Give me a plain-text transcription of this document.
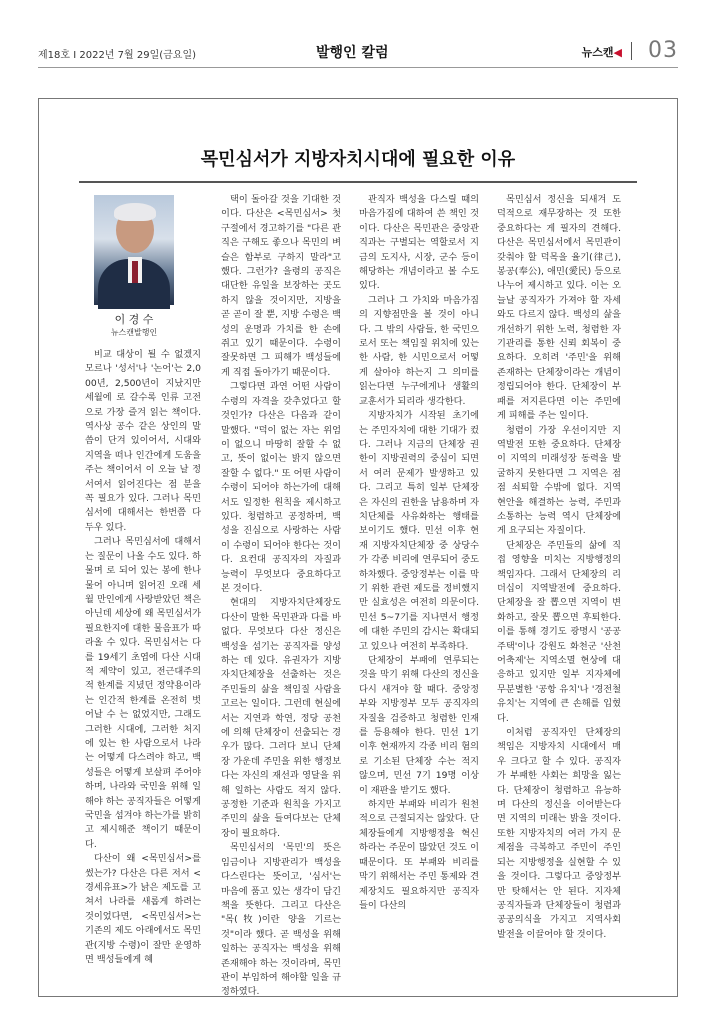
제18호 I 2022년 7월 29일(금요일)	발행인 칼럼	뉴스캔◀ 03
목민심서가 지방자치시대에 필요한 이유
이 경 수
뉴스캔발행인

비교 대상이 될 수 없겠지 모르나 '성서'나 '논어'는 2,000년, 2,500년이 지났지만 세월에 로 갈수록 인류 고전으로 가장 즐겨 읽는 책이다. 역사상 공수 같은 상인의 말씀이 단겨 있이어서, 시대와 지역을 떠나 인간에게 도움을 주는 책이어서 이 오늘 날 정서여서 읽어진다는 점 분을 꼭 필요가 있다. 그러나 목민심서에 대해서는 한번쯤 다 두우 있다.

그러나 목민심서에 대해서는 질문이 나올 수도 있다. 하물며 로 되어 있는 봉에 한나 물어 아니며 읽어진 오래 세월 만인에게 사랑받았던 책은 아닌데 세상에 왜 목민심서가 필요한지에 대한 물음표가 따라올 수 있다. 목민심서는 다를 19세기 초엽에 다산 시대적 제약이 있고, 전근대주의적 한계를 지녔던 정약용이라는 인간적 한계를 온전히 벗어날 수 는 없었지만, 그래도 그러한 시대에, 그러한 처지에 있는 한 사람으로서 나라는 어떻게 다스려야 하고, 백성들은 어떻게 보살펴 주어야 하며, 나라와 국민을 위해 일해야 하는 공직자들은 어떻게 국민을 섬겨야 하는가를 밝히고 제시해준 책이기 때문이다.

다산이 왜 <목민심서>를 썼는가? 다산은 다른 저서 <경세유표>가 낡은 제도를 고쳐서 나라를 새롭게 하려는 것이었다면, <목민심서>는 기존의 제도 아래에서도 목민관(지방 수령)이 잘만 운영하면 백성들에게 혜

택이 돌아갈 것을 기대한 것이다. 다산은 <목민심서> 첫 구절에서 경고하기를 "다른 관직은 구해도 좋으나 목민의 벼슬은 함부로 구하지 말라"고 했다. 그런가? 을령의 공직은 대단한 유일을 보장하는 곳도 하지 않을 것이지만, 지방을 곧 곧이 잘 뿐, 지방 수령은 백성의 운명과 가치를 한 손에 쥐고 있기 때문이다. 수령이 잘못하면 그 피해가 백성들에게 직접 돌아가기 때문이다.

그렇다면 과연 어떤 사람이 수령의 자격을 갖추었다고 할 것인가? 다산은 다음과 같이 말했다. "덕이 없는 자는 위엄이 없으니 마땅히 잘할 수 없고, 뜻이 없이는 밝지 않으면 잘할 수 없다." 또 어떤 사람이 수령이 되어야 하는가에 대해서도 일정한 원칙을 제시하고 있다. 청렴하고 공정하며, 백성을 진심으로 사랑하는 사람이 수령이 되어야 한다는 것이다. 요컨대 공직자의 자질과 능력이 무엇보다 중요하다고 본 것이다.

현대의 지방자치단체장도 다산이 말한 목민관과 다를 바 없다. 무엇보다 다산 정신은 백성을 섬기는 공직자를 양성하는 데 있다. 유권자가 지방 자치단체장을 선출하는 것은 주민들의 삶을 책임질 사람을 고르는 일이다. 그런데 현실에서는 지연과 학연, 정당 공천에 의해 단체장이 선출되는 경우가 많다. 그러다 보니 단체장 가운데 주민을 위한 행정보다는 자신의 재선과 영달을 위해 일하는 사람도 적지 않다. 공정한 기준과 원칙을 가지고 주민의 삶을 들여다보는 단체장이 필요하다.

목민심서의 '목민'의 뜻은 임금이나 지방관리가 백성을 다스린다는 뜻이고, '심서'는 마음에 품고 있는 생각이 담긴 책을 뜻한다. 그리고 다산은 "목(牧)이란 양을 기르는 것"이라 했다. 곧 백성을 위해 일하는 공직자는 백성을 위해 존재해야 하는 것이라며, 목민관이 부임하여 해야할 일을 규정하였다.

관직자 백성을 다스릴 때의 마음가짐에 대하여 쓴 책인 것이다. 다산은 목민관은 중앙관직과는 구별되는 역할로서 지금의 도지사, 시장, 군수 등이 해당하는 개념이라고 볼 수도 있다.

그러나 그 가치와 마음가짐의 지향점만을 볼 것이 아니다. 그 밖의 사람들, 한 국민으로서 또는 책임질 위치에 있는 한 사람, 한 시민으로서 어떻게 살아야 하는지 그 의미를 읽는다면 누구에게나 생활의 교훈서가 되리라 생각한다.

지방자치가 시작된 초기에는 주민자치에 대한 기대가 컸다. 그러나 지금의 단체장 권한이 지방권력의 중심이 되면서 여러 문제가 발생하고 있다. 그리고 특히 일부 단체장은 자신의 권한을 남용하며 자치단체를 사유화하는 행태를 보이기도 했다. 민선 이후 현재 지방자치단체장 중 상당수가 각종 비리에 연루되어 중도하차했다. 중앙정부는 이를 막기 위한 관련 제도를 정비했지만 실효성은 여전히 의문이다. 민선 5~7기를 지나면서 행정에 대한 주민의 감시는 확대되고 있으나 여전히 부족하다.

단체장이 부패에 연루되는 것을 막기 위해 다산의 정신을 다시 새겨야 할 때다. 중앙정부와 지방정부 모두 공직자의 자질을 검증하고 청렴한 인재를 등용해야 한다. 민선 1기 이후 현재까지 각종 비리 혐의로 기소된 단체장 수는 적지 않으며, 민선 7기 19명 이상이 재판을 받기도 했다.

하지만 부패와 비리가 원천적으로 근절되지는 않았다. 단체장들에게 지방행정을 혁신하라는 주문이 많았던 것도 이 때문이다. 또 부패와 비리를 막기 위해서는 주민 통제와 견제장치도 필요하지만 공직자들이 다산의

목민심서 정신을 되새겨 도덕적으로 재무장하는 것 또한 중요하다는 게 필자의 견해다. 다산은 목민심서에서 목민관이 갖춰야 할 덕목을 율기(律己), 봉공(奉公), 애민(愛民) 등으로 나누어 제시하고 있다. 이는 오늘날 공직자가 가져야 할 자세와도 다르지 않다. 백성의 삶을 개선하기 위한 노력, 청렴한 자기관리를 통한 신뢰 회복이 중요하다. 오히려 '주민'을 위해 존재하는 단체장이라는 개념이 정립되어야 한다. 단체장이 부패를 저지른다면 이는 주민에게 피해를 주는 일이다.

청렴이 가장 우선이지만 지역발전 또한 중요하다. 단체장이 지역의 미래성장 동력을 발굴하지 못한다면 그 지역은 점점 쇠퇴할 수밖에 없다. 지역 현안을 해결하는 능력, 주민과 소통하는 능력 역시 단체장에게 요구되는 자질이다.

단체장은 주민들의 삶에 직접 영향을 미치는 지방행정의 책임자다. 그래서 단체장의 리더십이 지역발전에 중요하다. 단체장을 잘 뽑으면 지역이 변화하고, 잘못 뽑으면 후퇴한다. 이를 통해 경기도 광명시 '공공주택'이나 강원도 화천군 '산천어축제'는 지역소멸 현상에 대응하고 있지만 일부 지자체에 무분별한 '공항 유치'나 '경전철 유치'는 지역에 큰 손해를 입혔다.

이처럼 공직자인 단체장의 책임은 지방자치 시대에서 매우 크다고 할 수 있다. 공직자가 부패한 사회는 희망을 잃는다. 단체장이 청렴하고 유능하며 다산의 정신을 이어받는다면 지역의 미래는 밝을 것이다. 또한 지방자치의 여러 가지 문제점을 극복하고 주민이 주인 되는 지방행정을 실현할 수 있을 것이다. 그렇다고 중앙정부만 탓해서는 안 된다. 지자체 공직자들과 단체장들이 청렴과 공공의식을 가지고 지역사회 발전을 이끌어야 할 것이다.
